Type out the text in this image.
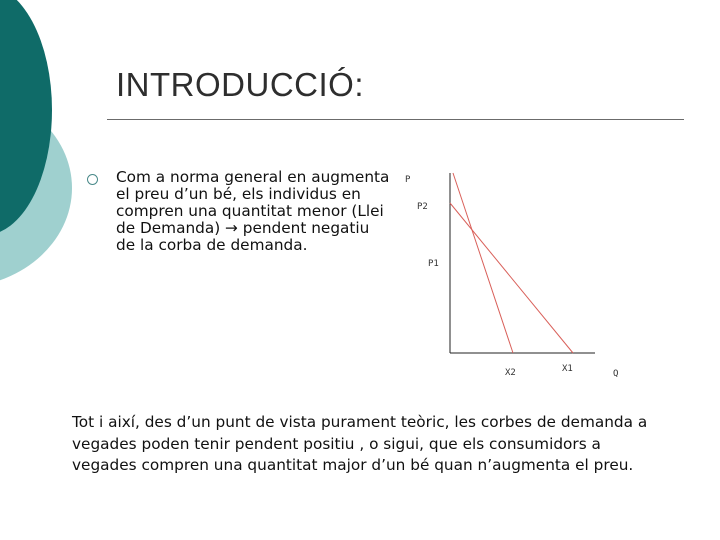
INTRODUCCIÓ:
Com a norma general en augmenta el preu d’un bé, els individus en compren una quantitat menor (Llei de Demanda) → pendent negatiu de la corba de demanda.
P
P2
P1
X2	X1	Q
Tot i així, des d’un punt de vista purament teòric, les corbes de demanda a vegades poden tenir pendent positiu , o sigui, que els consumidors a vegades compren una quantitat major d’un bé quan n’augmenta el preu.
